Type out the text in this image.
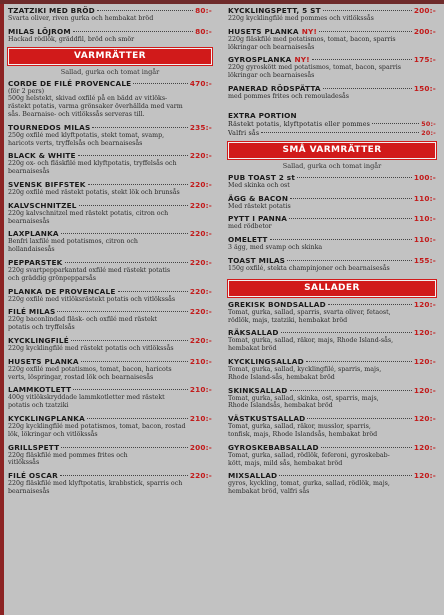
TZATZIKI MED BRÖD	80:-
Svarta oliver, riven gurka och hembakat bröd
MILAS LÖJROM	80:-
Hackad rödlök, gräddfil, bröd och smör
VARMRÄTTER
Sallad, gurka och tomat ingår
CORDE DE FILÉ PROVENCALE	470:-
(för 2 pers)
500g helstekt, skivad oxfilé på en bädd av vitlöks-
rästekt potatis, varma grönsaker överhällda med varm
sås. Bearnaise- och vitlökssås serveras till.
TOURNEDOS MILAS	235:-
250g oxfilé med klyftpotatis, stekt tomat, svamp,
haricots verts, tryffelsås och bearnaisesås
BLACK & WHITE	220:-
220g ox- och fläskfilé med klyftpotatis, tryffelsås och
bearnaisesås
SVENSK BIFFSTEK	220:-
220g oxfilé med rästekt potatis, stekt lök och brunsås
KALVSCHNITZEL	220:-
220g kalvschnitzel med rästekt potatis, citron och
bearnaisesås
LAXPLANKA	220:-
Benfri laxfilé med potatismos, citron och
hollandaisesås
PEPPARSTEK	220:-
220g svartpepparkantad oxfilé med rästekt potatis
och gräddig grönpepparsås
PLANKA DE PROVENCALE	220:-
220g oxfilé med vitlöksrästekt potatis och vitlökssås
FILÉ MILAS	220:-
220g baconlindad fläsk- och oxfilé med rästekt
potatis och tryffelsås
KYCKLINGFILÉ	220:-
220g kycklingfilé med rästekt potatis och vitlökssås
HUSETS PLANKA	210:-
220g oxfilé med potatismos, tomat, bacon, haricots
verts, löspringar, rostad lök och bearnaisesås
LAMMKOTLETT	210:-
400g vitlökskryddade lammkotletter med rästekt
potatis och tzatziki
KYCKLINGPLANKA	210:-
220g kycklingfilé med potatismos, tomat, bacon, rostad
lök, lökringar och vitlökssås
GRILLSPETT	200:-
220g fläskfilé med pommes frites och
vitlökssås
FILÉ OSCAR	220:-
220g fläskfilé med klyftpotatis, krabbstick, sparris och
bearnaisesås
KYCKLINGSPETT, 5 ST	200:-
220g kycklingfilé med pommes och vitlökssås
HUSETS PLANKA NY!	200:-
220g fläskfilé med potatismos, tomat, bacon, sparris
lökringar och bearnaisesås
GYROSPLANKA NY!	175:-
220g gyroskött med potatismos, tomat, bacon, sparris
lökringar och bearnaisesås
PANERAD RÖDSPÄTTA	150:-
med pommes frites och remouladesås
EXTRA PORTION
Rästekt potatis, klyftpotatis eller pommes	50:-
Valfri sås	20:-
SMÅ VARMRÄTTER
Sallad, gurka och tomat ingår
PUB TOAST 2 st	100:-
Med skinka och ost
ÄGG & BACON	110:-
Med rästekt potatis
PYTT I PANNA	110:-
med rödbetor
OMELETT	110:-
3 ägg, med svamp och skinka
TOAST MILAS	155:-
150g oxfilé, stekta champinjoner och bearnaisesås
SALLADER
GREKISK BONDSALLAD	120:-
Tomat, gurka, sallad, sparris, svarta oliver, fetaost,
rödlök, majs, tzatziki, hembakat bröd
RÄKSALLAD	120:-
Tomat, gurka, sallad, räkor, majs, Rhode Island-sås,
hembakat bröd
KYCKLINGSALLAD	120:-
Tomat, gurka, sallad, kycklingfilé, sparris, majs,
Rhode Island-sås, hembakat bröd
SKINKSALLAD	120:-
Tomat, gurka, sallad, skinka, ost, sparris, majs,
Rhode Islandsås, hembakat bröd
VÄSTKUSTSALLAD	120:-
Tomat, gurka, sallad, räkor, musslor, sparris,
tonfisk, majs, Rhode Islandsås, hembakat bröd
GYROSKEBABSALLAD	120:-
Tomat, gurka, sallad, rödlök, feferoni, gyroskebab-
kött, majs, mild sås, hembakat bröd
MIXSALLAD	120:-
gyros, kyckling, tomat, gurka, sallad, rödlök, majs,
hembakat bröd, valfri sås
